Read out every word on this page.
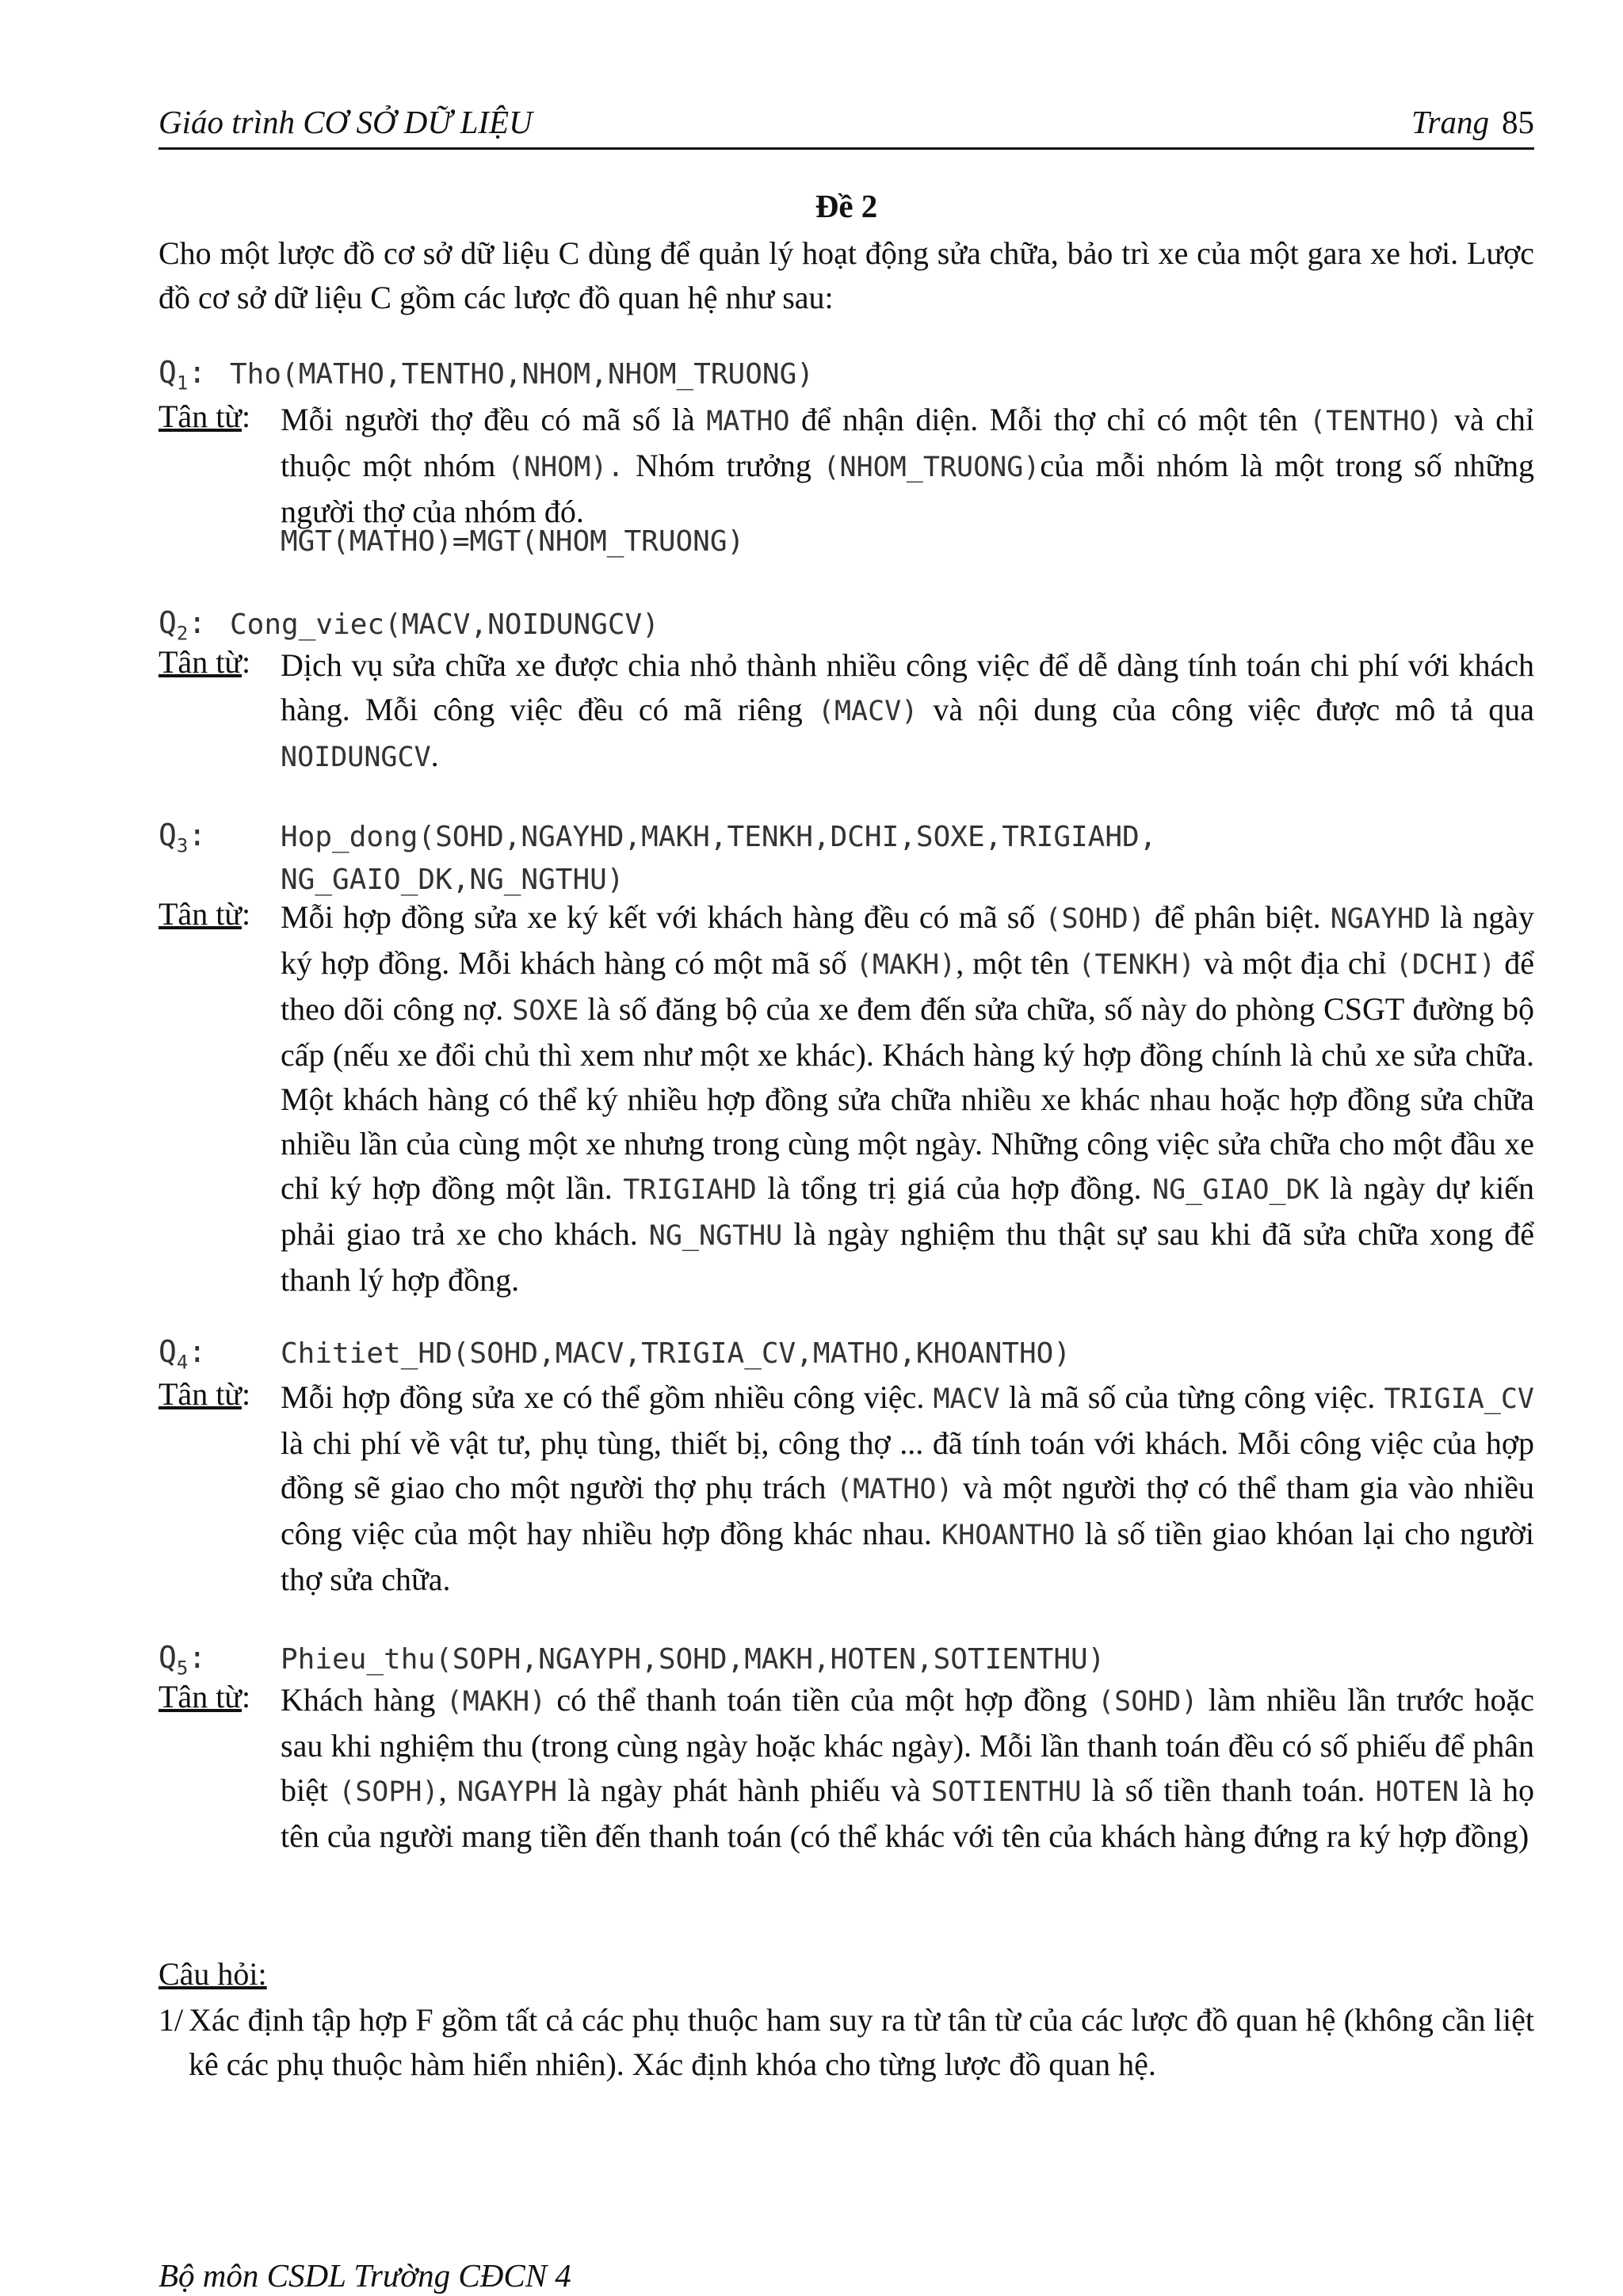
Giáo trình CƠ SỞ DỮ LIỆU	Trang 85
Đề 2
Cho một lược đồ cơ sở dữ liệu C dùng để quản lý hoạt động sửa chữa, bảo trì xe của một gara xe hơi. Lược đồ cơ sở dữ liệu C gồm các lược đồ quan hệ như sau:
$Q_1$: Tho(MATHO,TENTHO,NHOM,NHOM_TRUONG)
Tân từ : Mỗi người thợ đều có mã số là MATHO để nhận diện. Mỗi thợ chỉ có một tên (TENTHO) và chỉ thuộc một nhóm (NHOM). Nhóm trưởng (NHOM_TRUONG)của mỗi nhóm là một trong số những người thợ của nhóm đó.
MGT(MATHO)=MGT(NHOM_TRUONG)
$Q_2$: Cong_viec(MACV,NOIDUNGCV)
Tân từ : Dịch vụ sửa chữa xe được chia nhỏ thành nhiều công việc để dễ dàng tính toán chi phí với khách hàng. Mỗi công việc đều có mã riêng (MACV) và nội dung của công việc được mô tả qua NOIDUNGCV.
$Q_3$:	Hop_dong(SOHD,NGAYHD,MAKH,TENKH,DCHI,SOXE,TRIGIAHD,
NG_GAIO_DK,NG_NGTHU)
Tân từ : Mỗi hợp đồng sửa xe ký kết với khách hàng đều có mã số (SOHD) để phân biệt. NGAYHD là ngày ký hợp đồng. Mỗi khách hàng có một mã số (MAKH), một tên (TENKH) và một địa chỉ (DCHI) để theo dõi công nợ. SOXE là số đăng bộ của xe đem đến sửa chữa, số này do phòng CSGT đường bộ cấp (nếu xe đổi chủ thì xem như một xe khác). Khách hàng ký hợp đồng chính là chủ xe sửa chữa. Một khách hàng có thể ký nhiều hợp đồng sửa chữa nhiều xe khác nhau hoặc hợp đồng sửa chữa nhiều lần của cùng một xe nhưng trong cùng một ngày. Những công việc sửa chữa cho một đầu xe chỉ ký hợp đồng một lần. TRIGIAHD là tổng trị giá của hợp đồng. NG_GIAO_DK là ngày dự kiến phải giao trả xe cho khách. NG_NGTHU là ngày nghiệm thu thật sự sau khi đã sửa chữa xong để thanh lý hợp đồng.
$Q_4$:	Chitiet_HD(SOHD,MACV,TRIGIA_CV,MATHO,KHOANTHO)
Tân từ : Mỗi hợp đồng sửa xe có thể gồm nhiều công việc. MACV là mã số của từng công việc. TRIGIA_CV là chi phí về vật tư, phụ tùng, thiết bị, công thợ ... đã tính toán với khách. Mỗi công việc của hợp đồng sẽ giao cho một người thợ phụ trách (MATHO) và một người thợ có thể tham gia vào nhiều công việc của một hay nhiều hợp đồng khác nhau. KHOANTHO là số tiền giao khóan lại cho người thợ sửa chữa.
$Q_5$:	Phieu_thu(SOPH,NGAYPH,SOHD,MAKH,HOTEN,SOTIENTHU)
Tân từ : Khách hàng (MAKH) có thể thanh toán tiền của một hợp đồng (SOHD) làm nhiều lần trước hoặc sau khi nghiệm thu (trong cùng ngày hoặc khác ngày). Mỗi lần thanh toán đều có số phiếu để phân biệt (SOPH), NGAYPH là ngày phát hành phiếu và SOTIENTHU là số tiền thanh toán. HOTEN là họ tên của người mang tiền đến thanh toán (có thể khác với tên của khách hàng đứng ra ký hợp đồng)
Câu hỏi:
1/ Xác định tập hợp F gồm tất cả các phụ thuộc ham suy ra từ tân từ của các lược đồ quan hệ (không cần liệt kê các phụ thuộc hàm hiển nhiên). Xác định khóa cho từng lược đồ quan hệ.
Bộ môn CSDL Trường CĐCN 4
